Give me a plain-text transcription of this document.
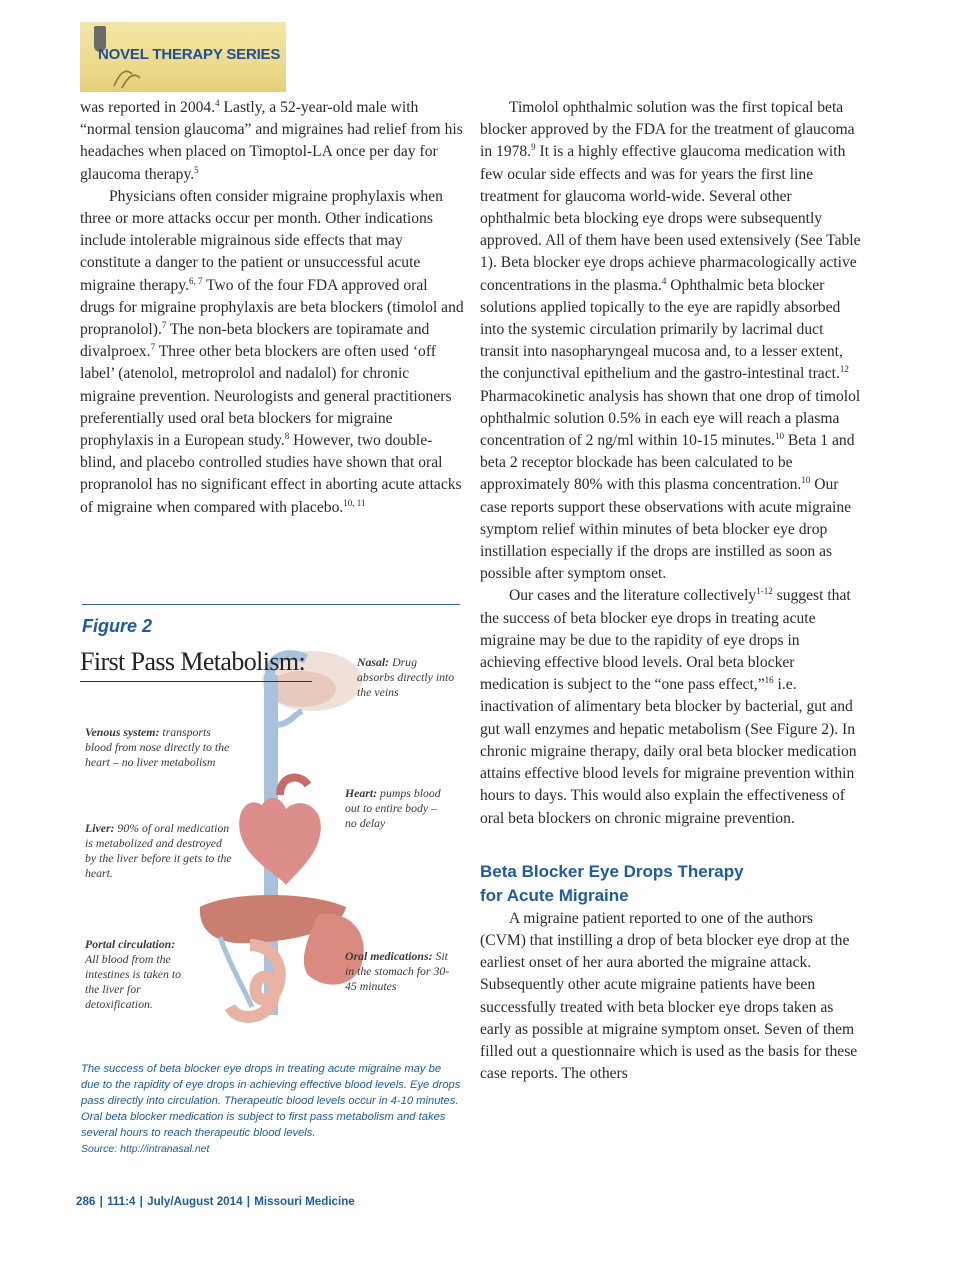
NOVEL THERAPY SERIES

was reported in 2004.$^4$ Lastly, a 52-year-old male with “normal tension glaucoma” and migraines had relief from his headaches when placed on Timoptol-LA once per day for glaucoma therapy.$^5$

Physicians often consider migraine prophylaxis when three or more attacks occur per month. Other indications include intolerable migrainous side effects that may constitute a danger to the patient or unsuccessful acute migraine therapy.$^{6, 7}$ Two of the four FDA approved oral drugs for migraine prophylaxis are beta blockers (timolol and propranolol).$^7$ The non-beta blockers are topiramate and divalproex.$^7$ Three other beta blockers are often used ‘off label’ (atenolol, metroprolol and nadalol) for chronic migraine prevention. Neurologists and general practitioners preferentially used oral beta blockers for migraine prophylaxis in a European study.$^8$ However, two double-blind, and placebo controlled studies have shown that oral propranolol has no significant effect in aborting acute attacks of migraine when compared with placebo.$^{10, 11}$

Figure 2
First Pass Metabolism:	Nasal: Drug absorbs directly into the veins
Venous system: transports blood from nose directly to the heart – no liver metabolism
Heart: pumps blood out to entire body – no delay
Liver: 90% of oral medication is metabolized and destroyed by the liver before it gets to the heart.
Portal circulation: All blood from the intestines is taken to the liver for detoxification.
Oral medications: Sit in the stomach for 30-45 minutes
The success of beta blocker eye drops in treating acute migraine may be due to the rapidity of eye drops in achieving effective blood levels. Eye drops pass directly into circulation. Therapeutic blood levels occur in 4-10 minutes. Oral beta blocker medication is subject to first pass metabolism and takes several hours to reach therapeutic blood levels.
Source: http://intranasal.net

Timolol ophthalmic solution was the first topical beta blocker approved by the FDA for the treatment of glaucoma in 1978.$^9$ It is a highly effective glaucoma medication with few ocular side effects and was for years the first line treatment for glaucoma world-wide. Several other ophthalmic beta blocking eye drops were subsequently approved. All of them have been used extensively (See Table 1). Beta blocker eye drops achieve pharmacologically active concentrations in the plasma.$^4$ Ophthalmic beta blocker solutions applied topically to the eye are rapidly absorbed into the systemic circulation primarily by lacrimal duct transit into nasopharyngeal mucosa and, to a lesser extent, the conjunctival epithelium and the gastro-intestinal tract.$^{12}$ Pharmacokinetic analysis has shown that one drop of timolol ophthalmic solution 0.5% in each eye will reach a plasma concentration of 2 ng/ml within 10-15 minutes.$^{10}$ Beta 1 and beta 2 receptor blockade has been calculated to be approximately 80% with this plasma concentration.$^{10}$ Our case reports support these observations with acute migraine symptom relief within minutes of beta blocker eye drop instillation especially if the drops are instilled as soon as possible after symptom onset.

Our cases and the literature collectively$^{1-12}$ suggest that the success of beta blocker eye drops in treating acute migraine may be due to the rapidity of eye drops in achieving effective blood levels. Oral beta blocker medication is subject to the “one pass effect,”$^{16}$ i.e. inactivation of alimentary beta blocker by bacterial, gut and gut wall enzymes and hepatic metabolism (See Figure 2). In chronic migraine therapy, daily oral beta blocker medication attains effective blood levels for migraine prevention within hours to days. This would also explain the effectiveness of oral beta blockers on chronic migraine prevention.

Beta Blocker Eye Drops Therapy
for Acute Migraine

A migraine patient reported to one of the authors (CVM) that instilling a drop of beta blocker eye drop at the earliest onset of her aura aborted the migraine attack. Subsequently other acute migraine patients have been successfully treated with beta blocker eye drops taken as early as possible at migraine symptom onset. Seven of them filled out a questionnaire which is used as the basis for these case reports. The others

286 | 111:4 | July/August 2014 | Missouri Medicine
